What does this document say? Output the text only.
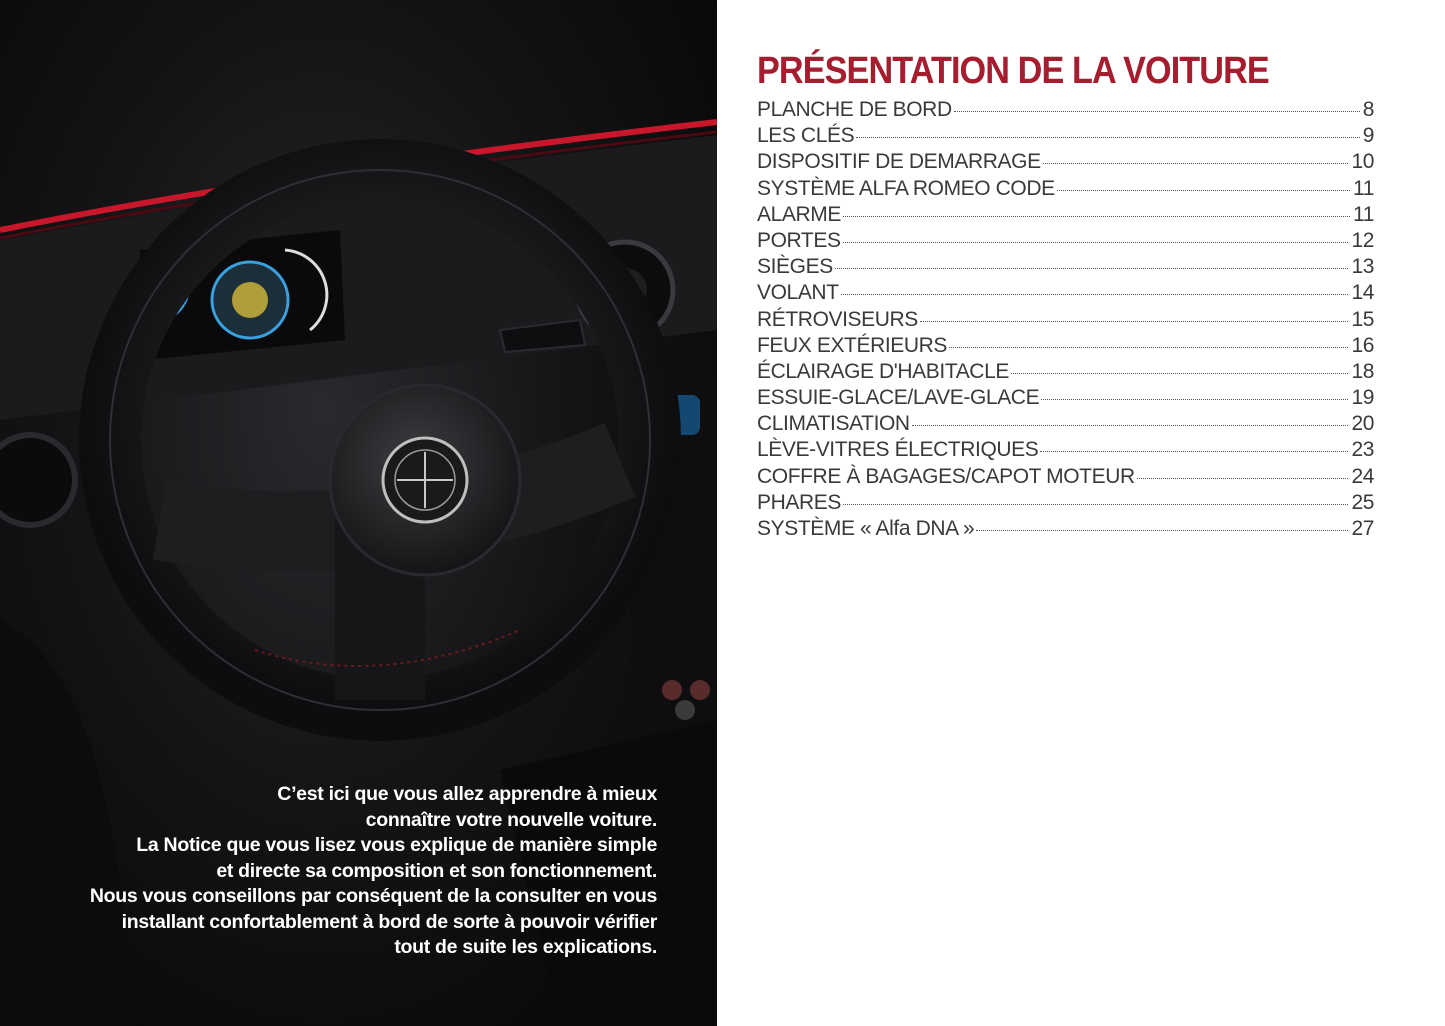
C’est ici que vous allez apprendre à mieux

connaître votre nouvelle voiture.

La Notice que vous lisez vous explique de manière simple

et directe sa composition et son fonctionnement.

Nous vous conseillons par conséquent de la consulter en vous

installant confortablement à bord de sorte à pouvoir vérifier

tout de suite les explications.

PRÉSENTATION DE LA VOITURE
PLANCHE DE BORD	8
LES CLÉS	9
DISPOSITIF DE DEMARRAGE	10
SYSTÈME ALFA ROMEO CODE	11
ALARME	11
PORTES	12
SIÈGES	13
VOLANT	14
RÉTROVISEURS	15
FEUX EXTÉRIEURS	16
ÉCLAIRAGE D'HABITACLE	18
ESSUIE-GLACE/LAVE-GLACE	19
CLIMATISATION	20
LÈVE-VITRES ÉLECTRIQUES	23
COFFRE À BAGAGES/CAPOT MOTEUR	24
PHARES	25
SYSTÈME « Alfa DNA »	27
